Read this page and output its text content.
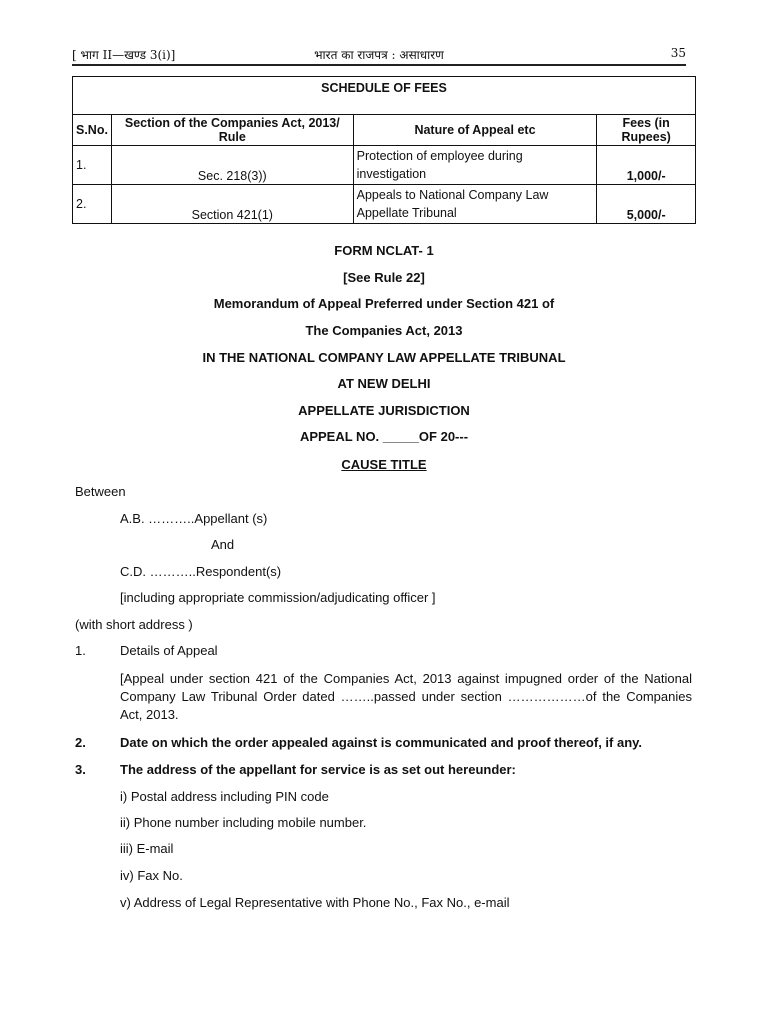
[ भाग II—खण्ड 3(i)]	भारत का राजपत्र : असाधारण	35
SCHEDULE OF FEES			

S.No.	Section of the Companies Act, 2013/ Rule	Nature of Appeal etc	Fees (in Rupees)
1.	Sec. 218(3))	Protection of employee during investigation	1,000/-
2.	Section 421(1)	Appeals to National Company Law Appellate Tribunal	5,000/-
FORM NCLAT- 1
[See Rule 22]
Memorandum of Appeal Preferred under Section 421 of
The Companies Act, 2013
IN THE NATIONAL COMPANY LAW APPELLATE TRIBUNAL
AT NEW DELHI
APPELLATE JURISDICTION
APPEAL NO. _____OF 20---
CAUSE TITLE
Between
A.B. ………..Appellant (s)
And
C.D. ………..Respondent(s)
[including appropriate commission/adjudicating officer ]
(with short address )
1.	Details of Appeal
[Appeal under section 421 of the Companies Act, 2013 against impugned order of the National Company Law Tribunal Order dated ……..passed under section ………………of the Companies Act, 2013.
2.	Date on which the order appealed against is communicated and proof thereof, if any.
3.	The address of the appellant for service is as set out hereunder:
i) Postal address including PIN code
ii) Phone number including mobile number.
iii) E-mail
iv) Fax No.
v) Address of Legal Representative with Phone No., Fax No., e-mail
